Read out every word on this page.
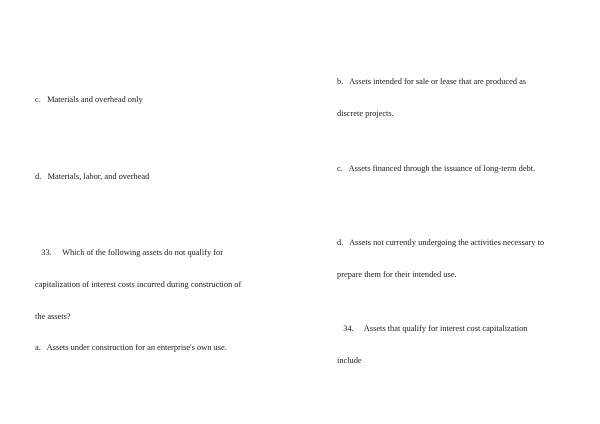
c.   Materials and overhead only

d.   Materials, labor, and overhead

33.     Which of the following assets do not qualify for

capitalization of interest costs incurred during construction of

the assets?

a.   Assets under construction for an enterprise's own use.

b.   Assets intended for sale or lease that are produced as

discrete projects.

c.   Assets financed through the issuance of long-term debt.

d.   Assets not currently undergoing the activities necessary to

prepare them for their intended use.

34.     Assets that qualify for interest cost capitalization

include
